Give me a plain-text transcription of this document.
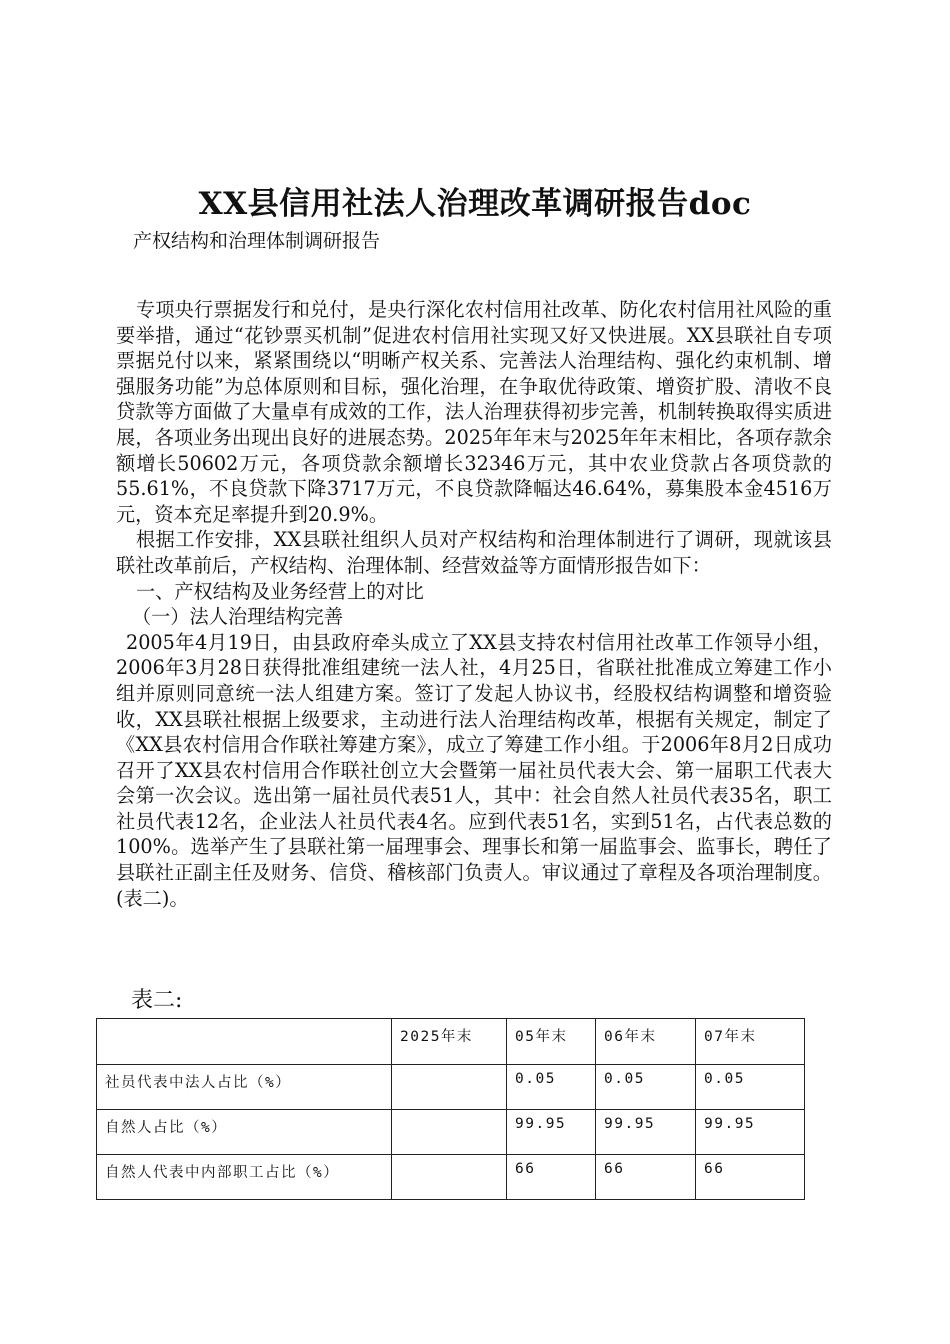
XX县信用社法人治理改革调研报告doc
产权结构和治理体制调研报告

专项央行票据发行和兑付，是央行深化农村信用社改革、防化农村信用社风险的重要举措，通过“花钞票买机制”促进农村信用社实现又好又快进展。XX县联社自专项票据兑付以来，紧紧围绕以“明晰产权关系、完善法人治理结构、强化约束机制、增强服务功能”为总体原则和目标，强化治理，在争取优待政策、增资扩股、清收不良贷款等方面做了大量卓有成效的工作，法人治理获得初步完善，机制转换取得实质进展，各项业务出现出良好的进展态势。2025年年末与2025年年末相比，各项存款余额增长50602万元，各项贷款余额增长32346万元，其中农业贷款占各项贷款的55.61%，不良贷款下降3717万元，不良贷款降幅达46.64%，募集股本金4516万元，资本充足率提升到20.9%。

根据工作安排，XX县联社组织人员对产权结构和治理体制进行了调研，现就该县联社改革前后，产权结构、治理体制、经营效益等方面情形报告如下：

一、产权结构及业务经营上的对比

（一）法人治理结构完善

2005年4月19日，由县政府牵头成立了XX县支持农村信用社改革工作领导小组，2006年3月28日获得批准组建统一法人社，4月25日，省联社批准成立筹建工作小组并原则同意统一法人组建方案。签订了发起人协议书，经股权结构调整和增资验收，XX县联社根据上级要求，主动进行法人治理结构改革，根据有关规定，制定了《XX县农村信用合作联社筹建方案》，成立了筹建工作小组。于2006年8月2日成功召开了XX县农村信用合作联社创立大会暨第一届社员代表大会、第一届职工代表大会第一次会议。选出第一届社员代表51人，其中：社会自然人社员代表35名，职工社员代表12名，企业法人社员代表4名。应到代表51名，实到51名，占代表总数的100%。选举产生了县联社第一届理事会、理事长和第一届监事会、监事长，聘任了县联社正副主任及财务、信贷、稽核部门负责人。审议通过了章程及各项治理制度。(表二)。

表二:
	2025年末	05年末	06年末	07年末
社员代表中法人占比（%）		0.05	0.05	0.05
自然人占比（%）		99.95	99.95	99.95
自然人代表中内部职工占比（%）		66	66	66
